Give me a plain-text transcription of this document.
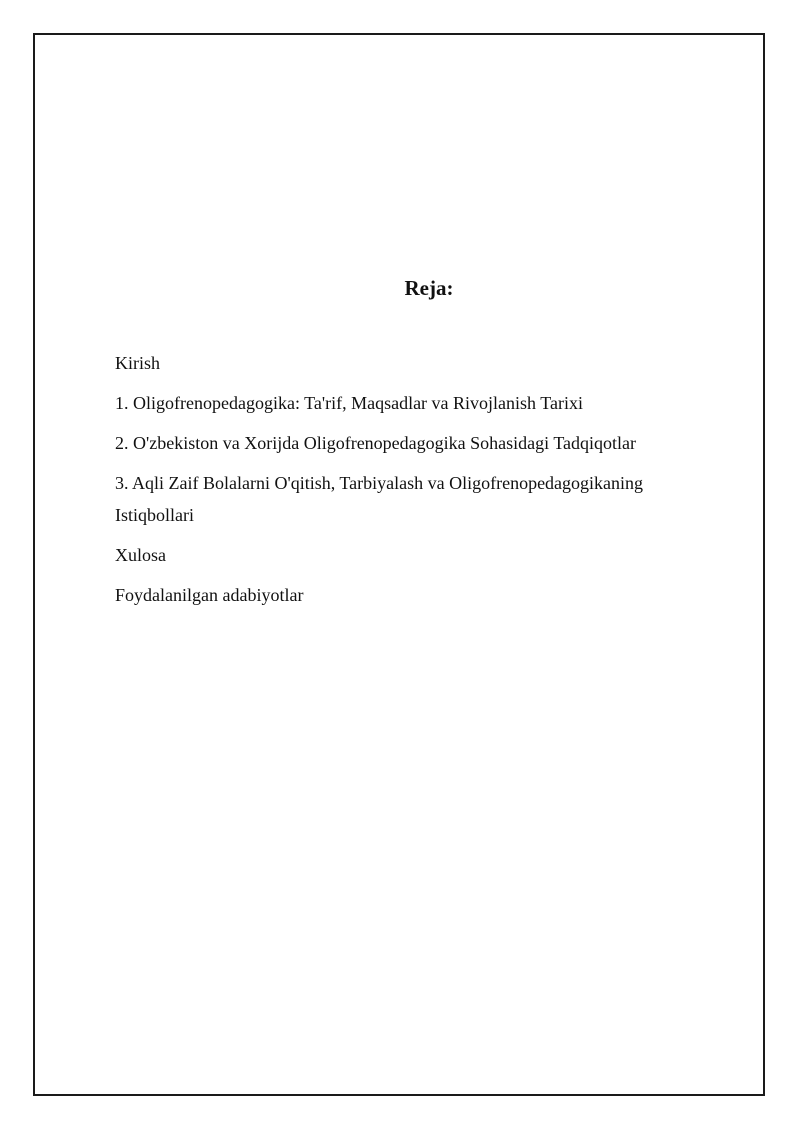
Reja:
Kirish
1. Oligofrenopedagogika: Ta'rif, Maqsadlar va Rivojlanish Tarixi
2. O'zbekiston va Xorijda Oligofrenopedagogika Sohasidagi Tadqiqotlar
3. Aqli Zaif Bolalarni O'qitish, Tarbiyalash va Oligofrenopedagogikaning Istiqbollari
Xulosa
Foydalanilgan adabiyotlar
